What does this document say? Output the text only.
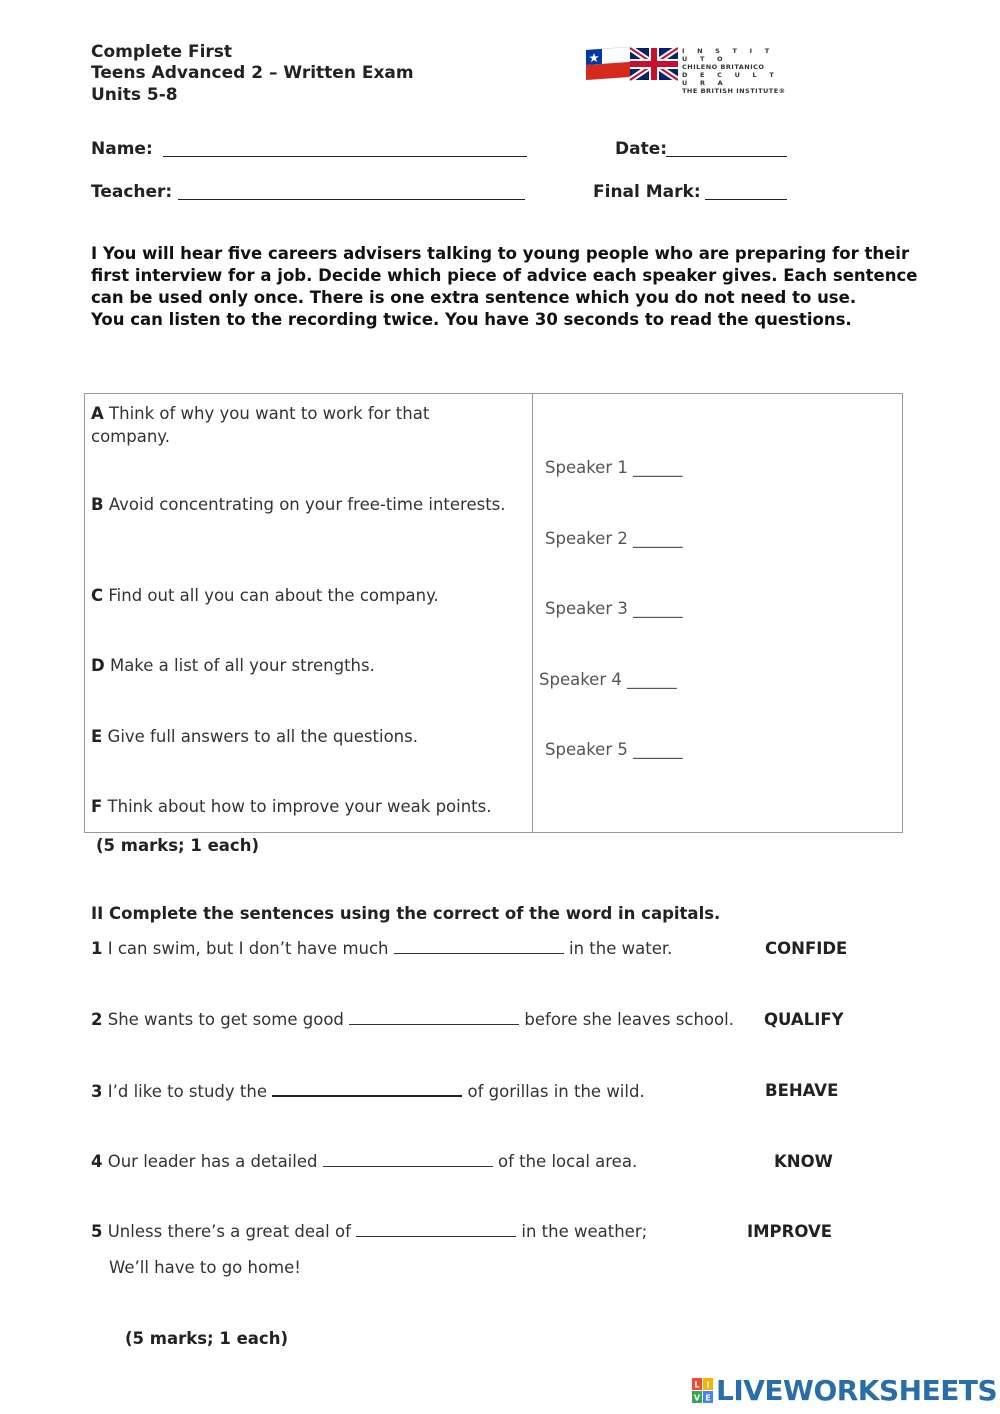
Complete First
Teens Advanced 2 – Written Exam
Units 5-8
I N S T I T U T O
CHILENO BRITANICO
D E C U L T U R A
THE BRITISH INSTITUTE®
Name:	Date:
Teacher:	Final Mark:

I You will hear five careers advisers talking to young people who are preparing for their first interview for a job. Decide which piece of advice each speaker gives. Each sentence can be used only once. There is one extra sentence which you do not need to use.

You can listen to the recording twice. You have 30 seconds to read the questions.

A Think of why you want to work for that company.
B Avoid concentrating on your free-time interests.
C Find out all you can about the company.
D Make a list of all your strengths.
E Give full answers to all the questions.
F Think about how to improve your weak points.
Speaker 1 ______
Speaker 2 ______
Speaker 3 ______
Speaker 4 ______
Speaker 5 ______
(5 marks; 1 each)
II Complete the sentences using the correct of the word in capitals.
1 I can swim, but I don’t have much	in the water.	CONFIDE
2 She wants to get some good	before she leaves school. QUALIFY
3 I’d like to study the	of gorillas in the wild.	BEHAVE
4 Our leader has a detailed	of the local area.	KNOW
5 Unless there’s a great deal of	in the weather;	IMPROVE
We’ll have to go home!
(5 marks; 1 each)
L I
V E LIVEWORKSHEETS
